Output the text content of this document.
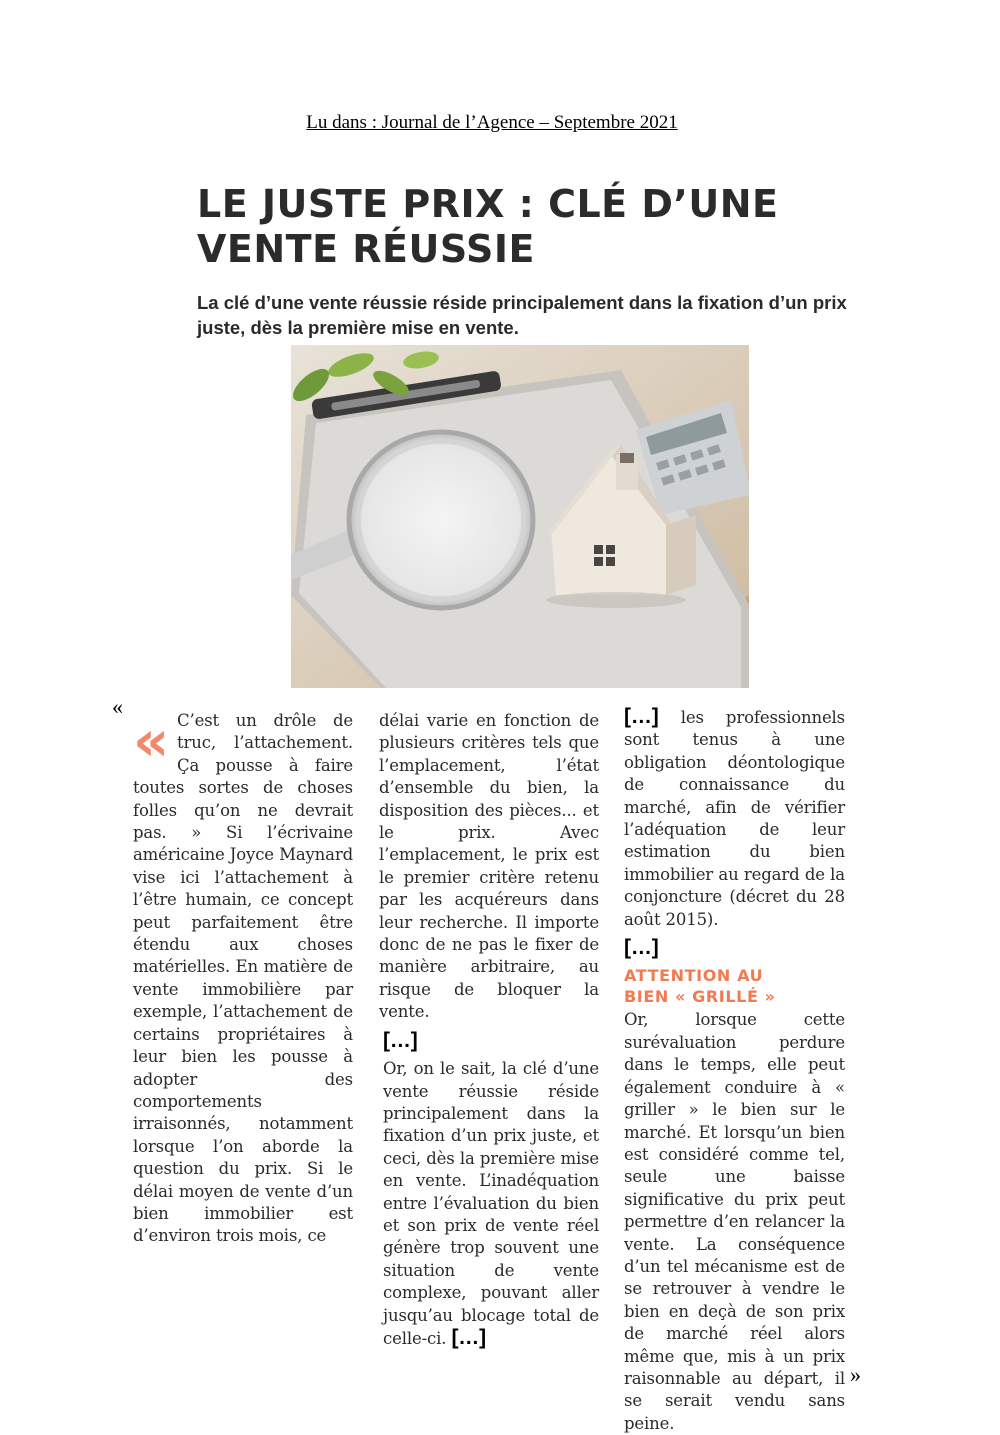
Lu dans : Journal de l’Agence – Septembre 2021
LE JUSTE PRIX : CLÉ D’UNE
VENTE RÉUSSIE

La clé d’une vente réussie réside principalement dans la fixation d’un prix juste, dès la première mise en vente.

«
»
« C’est un drôle de truc, l’attachement. Ça pousse à faire toutes sortes de choses folles qu’on ne devrait pas. » Si l’écrivaine américaine Joyce Maynard vise ici l’attachement à l’être humain, ce concept peut parfaitement être étendu aux choses matérielles. En matière de vente immobilière par exemple, l’attachement de certains propriétaires à leur bien les pousse à adopter des comportements irraisonnés, notamment lorsque l’on aborde la question du prix. Si le délai moyen de vente d’un bien immobilier est d’environ trois mois, ce

délai varie en fonction de plusieurs critères tels que l’emplacement, l’état d’ensemble du bien, la disposition des pièces... et le prix. Avec l’emplacement, le prix est le premier critère retenu par les acquéreurs dans leur recherche. Il importe donc de ne pas le fixer de manière arbitraire, au risque de bloquer la vente.

[…]

Or, on le sait, la clé d’une vente réussie réside principalement dans la fixation d’un prix juste, et ceci, dès la première mise en vente. L’inadéquation entre l’évaluation du bien et son prix de vente réel génère trop souvent une situation de vente complexe, pouvant aller jusqu’au blocage total de celle-ci. […]

[…] les professionnels sont tenus à une obligation déontologique de connaissance du marché, afin de vérifier l’adéquation de leur estimation du bien immobilier au regard de la conjoncture (décret du 28 août 2015).

[…]
ATTENTION AU
BIEN « GRILLÉ »

Or, lorsque cette surévaluation perdure dans le temps, elle peut également conduire à « griller » le bien sur le marché. Et lorsqu’un bien est considéré comme tel, seule une baisse significative du prix peut permettre d’en relancer la vente. La conséquence d’un tel mécanisme est de se retrouver à vendre le bien en deçà de son prix de marché réel alors même que, mis à un prix raisonnable au départ, il se serait vendu sans peine.
